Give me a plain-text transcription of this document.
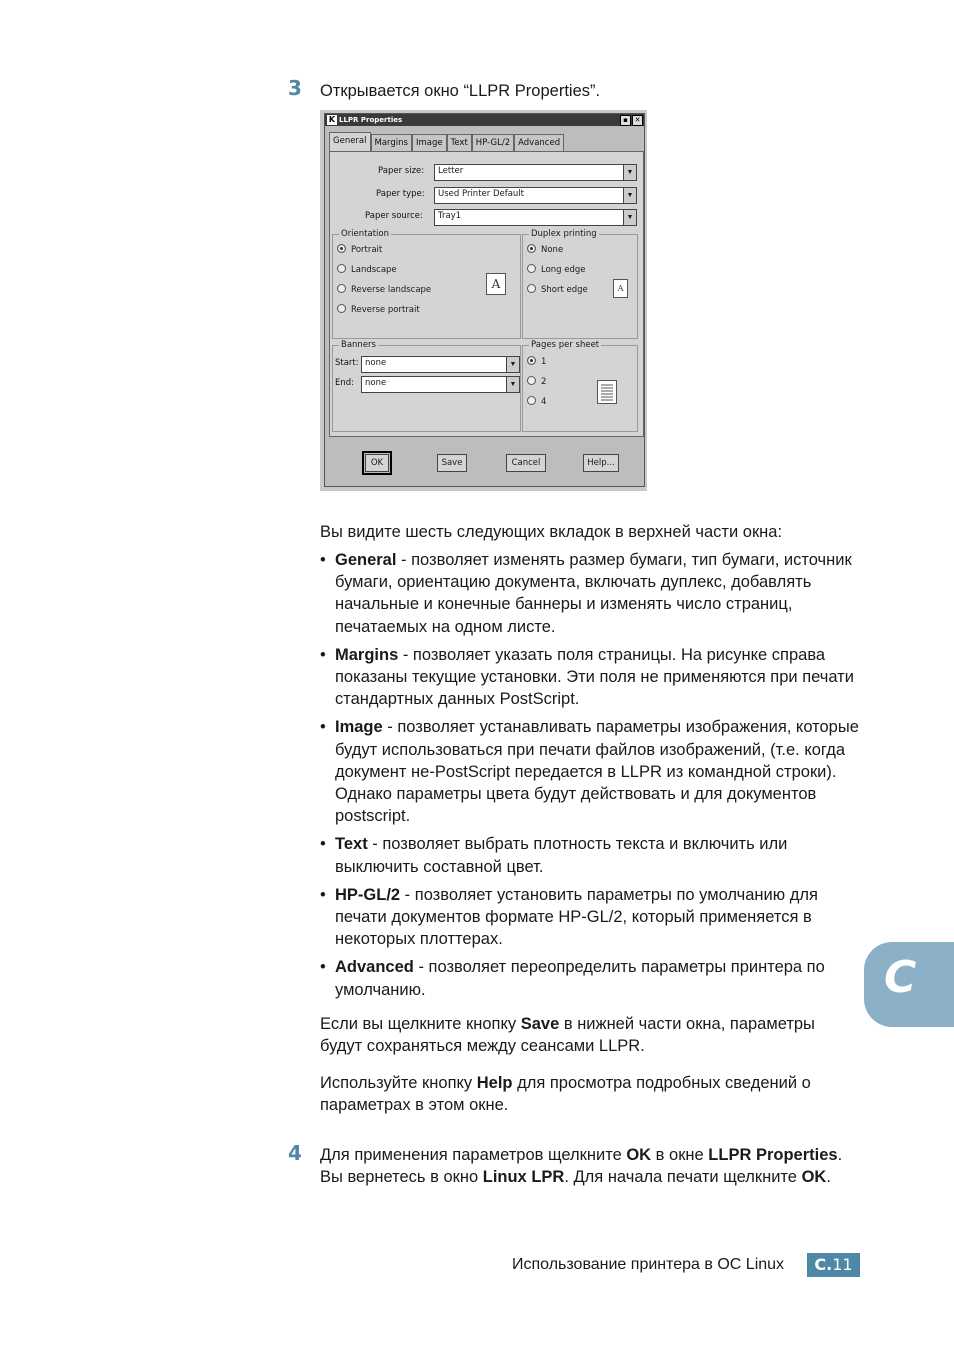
3 Открывается окно “LLPR Properties”.
K LLPR Properties	▪ ✕
General Margins Image Text HP-GL/2 Advanced
Paper size: Letter	▼
Paper type: Used Printer Default	▼
Paper source: Tray1	▼
Orientation
Portrait
Landscape
Reverse landscape
Reverse portrait
A
Duplex printing
None
Long edge
Short edge	A
Banners
Start: none	▼
End: none	▼
Pages per sheet
1
2
4
OK	Save	Cancel	Help...
Вы видите шесть следующих вкладок в верхней части окна:
• General - позволяет изменять размер бумаги, тип бумаги, источник бумаги, ориентацию документа, включать дуплекс, добавлять начальные и конечные баннеры и изменять число страниц, печатаемых на одном листе.
• Margins - позволяет указать поля страницы. На рисунке справа показаны текущие установки. Эти поля не применяются при печати стандартных данных PostScript.
• Image - позволяет устанавливать параметры изображения, которые будут использоваться при печати файлов изображений, (т.е. когда документ не-PostScript передается в LLPR из командной строки). Однако параметры цвета будут действовать и для документов postscript.
• Text - позволяет выбрать плотность текста и включить или выключить составной цвет.
• HP-GL/2 - позволяет установить параметры по умолчанию для печати документов формате HP-GL/2, который применяется в некоторых плоттерах.
• Advanced - позволяет переопределить параметры принтера по умолчанию.
Если вы щелкните кнопку Save в нижней части окна, параметры будут сохраняться между сеансами LLPR.
Используйте кнопку Help для просмотра подробных сведений о параметрах в этом окне.
4 Для применения параметров щелкните OK в окне LLPR Properties. Вы вернетесь в окно Linux LPR. Для начала печати щелкните OK.
C
Использование принтера в ОС Linux	C.11
